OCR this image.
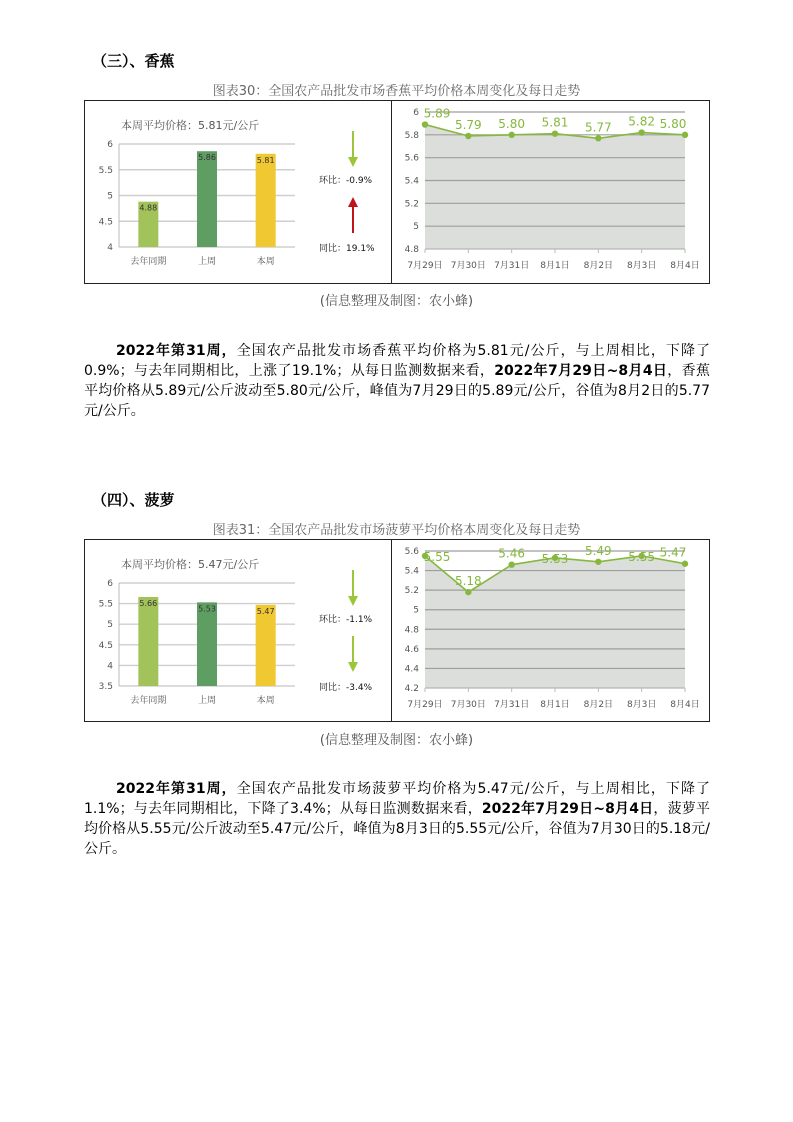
（三）、香蕉
图表30：全国农产品批发市场香蕉平均价格本周变化及每日走势
本周平均价格：5.81元/公斤
6
5.5
5
4.5
4
4.88
去年同期
5.86
上周
5.81
本周
环比：-0.9%
同比：19.1%
6
5.8
5.6
5.4
5.2
5
4.8
5.89
7月29日
5.79
7月30日
5.80
7月31日
5.81
8月1日
5.77
8月2日
5.82
8月3日
5.80
8月4日
(信息整理及制图：农小蜂)
2022年第31周，全国农产品批发市场香蕉平均价格为5.81元/公斤，与上周相比，下降了0.9%；与去年同期相比，上涨了19.1%；从每日监测数据来看，2022年7月29日~8月4日，香蕉平均价格从5.89元/公斤波动至5.80元/公斤，峰值为7月29日的5.89元/公斤，谷值为8月2日的5.77元/公斤。
（四）、菠萝
图表31：全国农产品批发市场菠萝平均价格本周变化及每日走势
本周平均价格：5.47元/公斤
6
5.5
5
4.5
4
3.5
5.66
去年同期
5.53
上周
5.47
本周
环比：-1.1%
同比：-3.4%
5.6
5.4
5.2
5
4.8
4.6
4.4
4.2
5.55
7月29日
5.18
7月30日
5.46
7月31日
5.53
8月1日
5.49
8月2日
5.55
8月3日
5.47
8月4日
(信息整理及制图：农小蜂)
2022年第31周，全国农产品批发市场菠萝平均价格为5.47元/公斤，与上周相比，下降了1.1%；与去年同期相比，下降了3.4%；从每日监测数据来看，2022年7月29日~8月4日，菠萝平均价格从5.55元/公斤波动至5.47元/公斤，峰值为8月3日的5.55元/公斤，谷值为7月30日的5.18元/公斤。
